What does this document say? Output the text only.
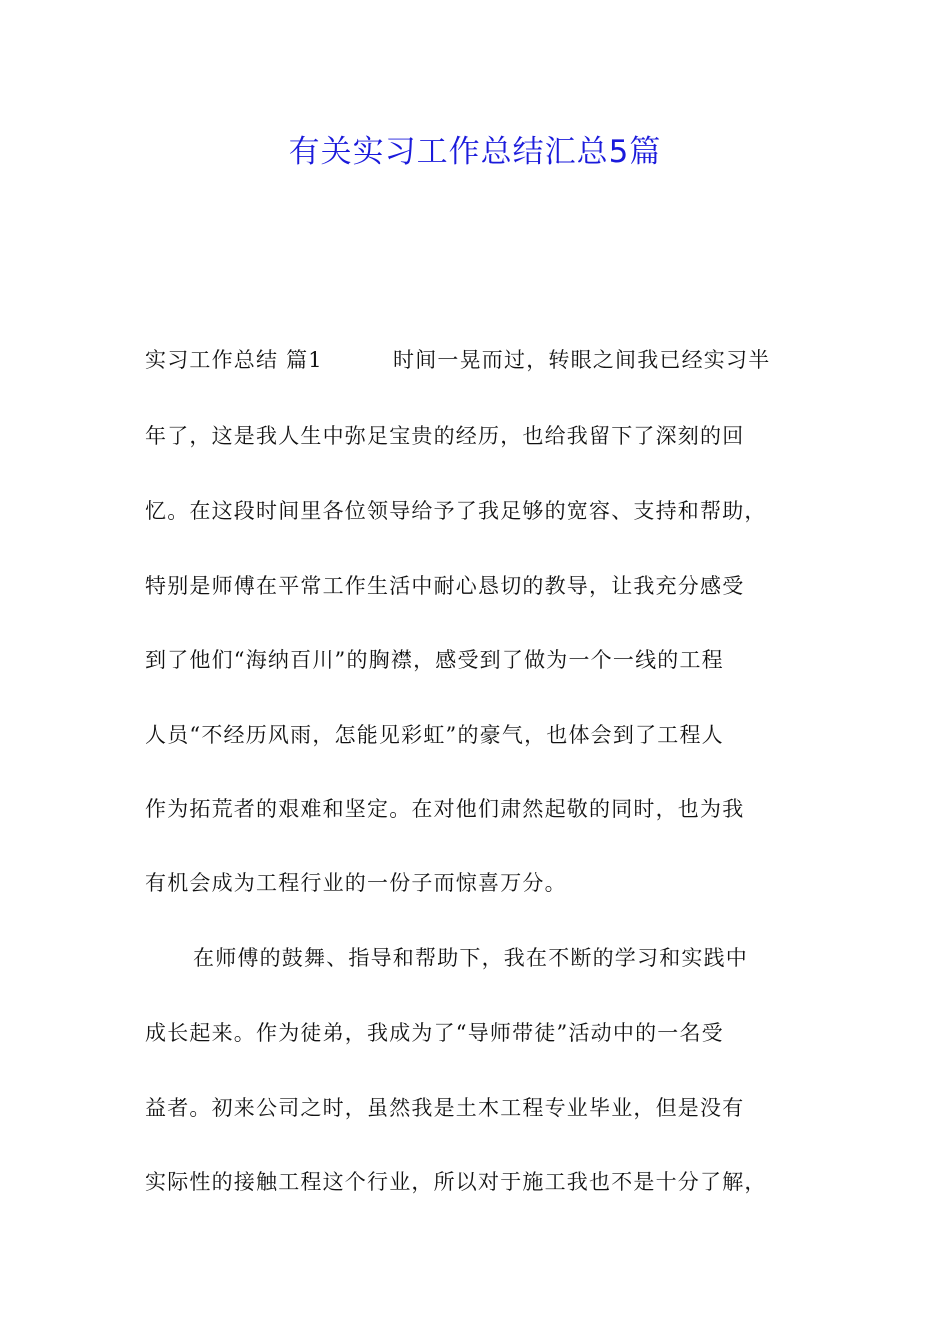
有关实习工作总结汇总5篇
实习工作总结 篇1	时间一晃而过，转眼之间我已经实习半
年了，这是我人生中弥足宝贵的经历，也给我留下了深刻的回
忆。在这段时间里各位领导给予了我足够的宽容、支持和帮助，
特别是师傅在平常工作生活中耐心恳切的教导，让我充分感受
到了他们“海纳百川”的胸襟，感受到了做为一个一线的工程
人员“不经历风雨，怎能见彩虹”的豪气，也体会到了工程人
作为拓荒者的艰难和坚定。在对他们肃然起敬的同时，也为我
有机会成为工程行业的一份子而惊喜万分。
在师傅的鼓舞、指导和帮助下，我在不断的学习和实践中
成长起来。作为徒弟，我成为了“导师带徒”活动中的一名受
益者。初来公司之时，虽然我是土木工程专业毕业，但是没有
实际性的接触工程这个行业，所以对于施工我也不是十分了解，
